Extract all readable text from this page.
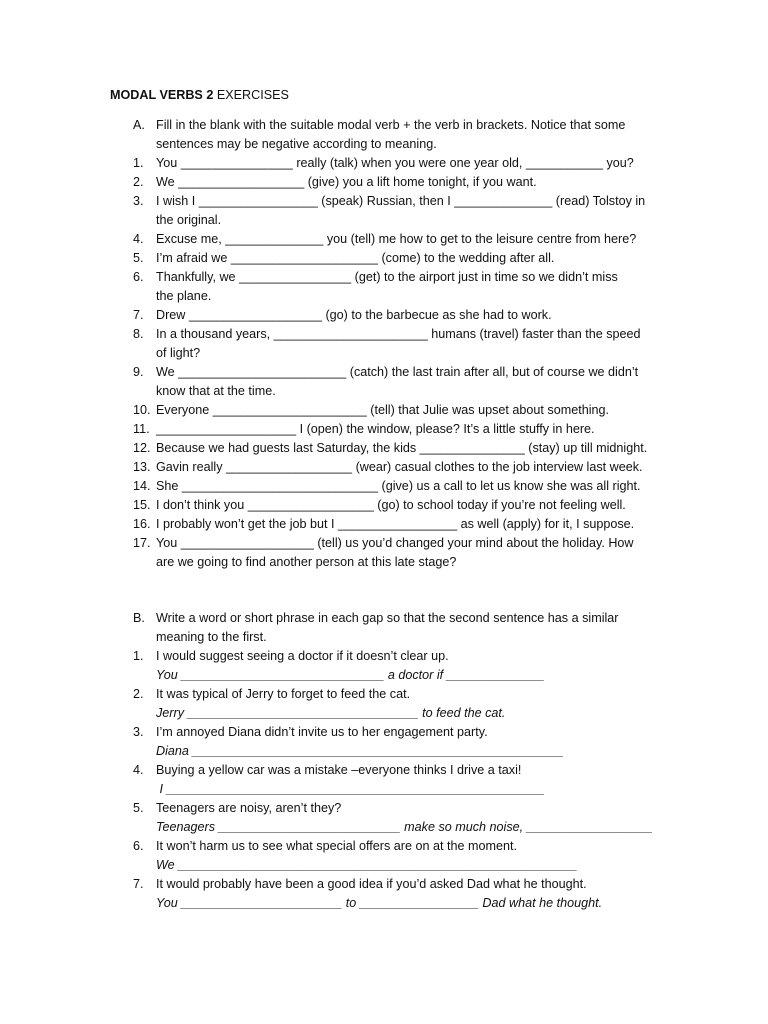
MODAL VERBS 2 EXERCISES
A. Fill in the blank with the suitable modal verb + the verb in brackets. Notice that some
sentences may be negative according to meaning.
1. You ________________ really (talk) when you were one year old, ___________ you?
2. We __________________ (give) you a lift home tonight, if you want.
3. I wish I _________________ (speak) Russian, then I ______________ (read) Tolstoy in
the original.
4. Excuse me, ______________ you (tell) me how to get to the leisure centre from here?
5. I’m afraid we _____________________ (come) to the wedding after all.
6. Thankfully, we ________________ (get) to the airport just in time so we didn’t miss
the plane.
7. Drew ___________________ (go) to the barbecue as she had to work.
8. In a thousand years, ______________________ humans (travel) faster than the speed
of light?
9. We ________________________ (catch) the last train after all, but of course we didn’t
know that at the time.
10. Everyone ______________________ (tell) that Julie was upset about something.
11. ____________________ I (open) the window, please? It’s a little stuffy in here.
12. Because we had guests last Saturday, the kids _______________ (stay) up till midnight.
13. Gavin really __________________ (wear) casual clothes to the job interview last week.
14. She ____________________________ (give) us a call to let us know she was all right.
15. I don’t think you __________________ (go) to school today if you’re not feeling well.
16. I probably won’t get the job but I _________________ as well (apply) for it, I suppose.
17. You ___________________ (tell) us you’d changed your mind about the holiday. How
are we going to find another person at this late stage?
B. Write a word or short phrase in each gap so that the second sentence has a similar
meaning to the first.
1. I would suggest seeing a doctor if it doesn’t clear up.
You _____________________________ a doctor if ______________
2. It was typical of Jerry to forget to feed the cat.
Jerry _________________________________ to feed the cat.
3. I’m annoyed Diana didn’t invite us to her engagement party.
Diana _____________________________________________________
4. Buying a yellow car was a mistake –everyone thinks I drive a taxi!
I ______________________________________________________
5. Teenagers are noisy, aren’t they?
Teenagers __________________________ make so much noise, __________________
6. It won’t harm us to see what special offers are on at the moment.
We _________________________________________________________
7. It would probably have been a good idea if you’d asked Dad what he thought.
You _______________________ to _________________ Dad what he thought.
